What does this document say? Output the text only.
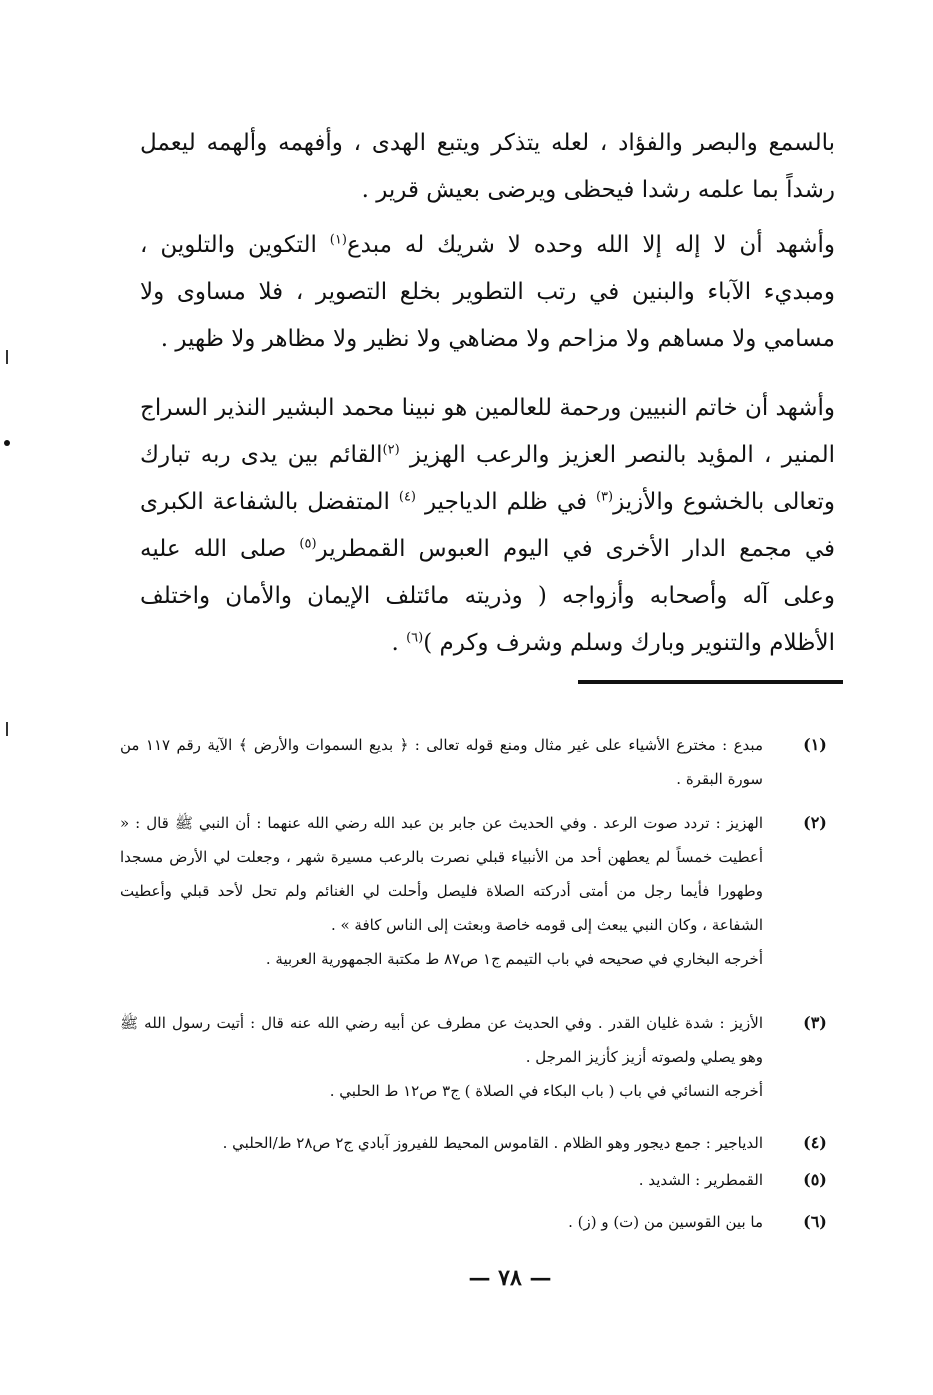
بالسمع والبصر والفؤاد ، لعله يتذكر ويتبع الهدى ، وأفهمه وألهمه ليعمل رشداً بما علمه رشدا فيحظى ويرضى بعيش قرير .

وأشهد أن لا إله إلا الله وحده لا شريك له مبدع$^{(١)}$ التكوين والتلوين ، ومبديء الآباء والبنين في رتب التطوير بخلع التصوير ، فلا مساوى ولا مسامي ولا مساهم ولا مزاحم ولا مضاهي ولا نظير ولا مظاهر ولا ظهير .

وأشهد أن خاتم النبيين ورحمة للعالمين هو نبينا محمد البشير النذير السراج المنير ، المؤيد بالنصر العزيز والرعب الهزيز $^{(٢)}$القائم بين يدى ربه تبارك وتعالى بالخشوع والأزيز$^{(٣)}$ في ظلم الدياجير $^{(٤)}$ المتفضل بالشفاعة الكبرى في مجمع الدار الأخرى في اليوم العبوس القمطرير$^{(٥)}$ صلى الله عليه وعلى آله وأصحابه وأزواجه ( وذريته مائتلف الإيمان والأمان واختلف الأظلام والتنوير وبارك وسلم وشرف وكرم )$^{(٦)}$ .

(١)

مبدع : مخترع الأشياء على غير مثال ومنع قوله تعالى : ﴿ بديع السموات والأرض ﴾ الآية رقم ١١٧ من سورة البقرة .

(٢)

الهزيز : تردد صوت الرعد . وفي الحديث عن جابر بن عبد الله رضي الله عنهما : أن النبي ﷺ قال : « أعطيت خمساً لم يعطهن أحد من الأنبياء قبلي نصرت بالرعب مسيرة شهر ، وجعلت لي الأرض مسجدا وطهورا فأيما رجل من أمتى أدركته الصلاة فليصل وأحلت لي الغنائم ولم تحل لأحد قبلي وأعطيت الشفاعة ، وكان النبي يبعث إلى قومه خاصة وبعثت إلى الناس كافة » .

أخرجه البخاري في صحيحه في باب التيمم ج١ ص٨٧ ط مكتبة الجمهورية العربية .

(٣)

الأزيز : شدة غليان القدر . وفي الحديث عن مطرف عن أبيه رضي الله عنه قال : أتيت رسول الله ﷺ وهو يصلي ولصوته أزيز كأزيز المرجل .

أخرجه النسائي في باب ( باب البكاء في الصلاة ) ج٣ ص١٢ ط الحلبي .

(٤)

الدياجير : جمع ديجور وهو الظلام . القاموس المحيط للفيروز آبادي ج٢ ص٢٨ ط/الحلبي .

(٥)

القمطرير : الشديد .

(٦)

ما بين القوسين من (ت) و (ز) .

— ٧٨ —
